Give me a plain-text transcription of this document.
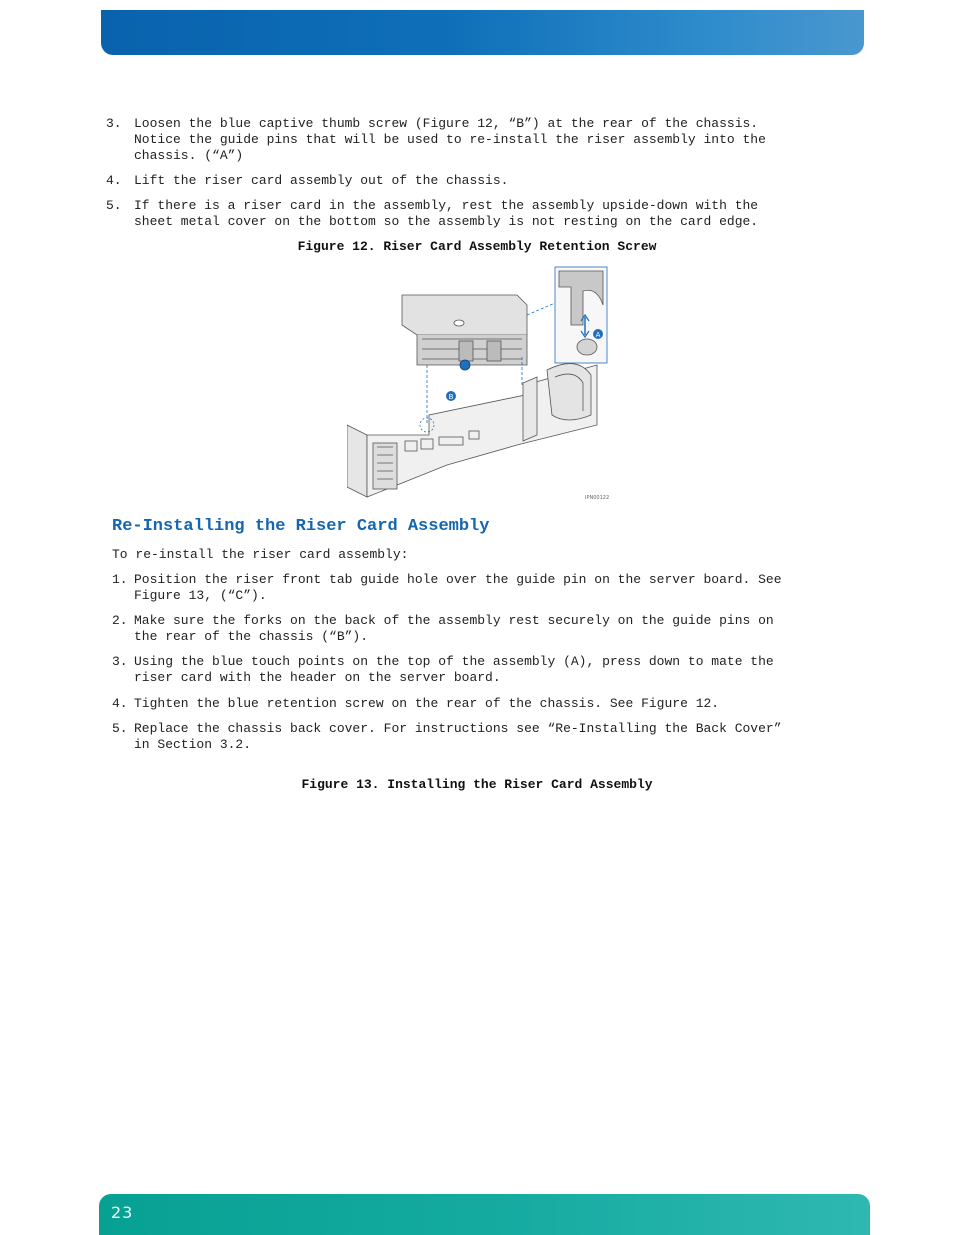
3.

Loosen the blue captive thumb screw (Figure 12, “B”) at the rear of the chassis.
Notice the guide pins that will be used to re-install the riser assembly into the
chassis. (“A”)

4.

Lift the riser card assembly out of the chassis.

5.

If there is a riser card in the assembly, rest the assembly upside-down with the
sheet metal cover on the bottom so the assembly is not resting on the card edge.

Figure 12. Riser Card Assembly Retention Screw
A
B
IPN00122
Re-Installing the Riser Card Assembly
To re-install the riser card assembly:

1.

Position the riser front tab guide hole over the guide pin on the server board. See
Figure 13, (“C”).

2.

Make sure the forks on the back of the assembly rest securely on the guide pins on
the rear of the chassis (“B”).

3.

Using the blue touch points on the top of the assembly (A), press down to mate the
riser card with the header on the server board.

4.

Tighten the blue retention screw on the rear of the chassis. See Figure 12.

5.

Replace the chassis back cover. For instructions see “Re-Installing the Back Cover”
in Section 3.2.

Figure 13. Installing the Riser Card Assembly
23
